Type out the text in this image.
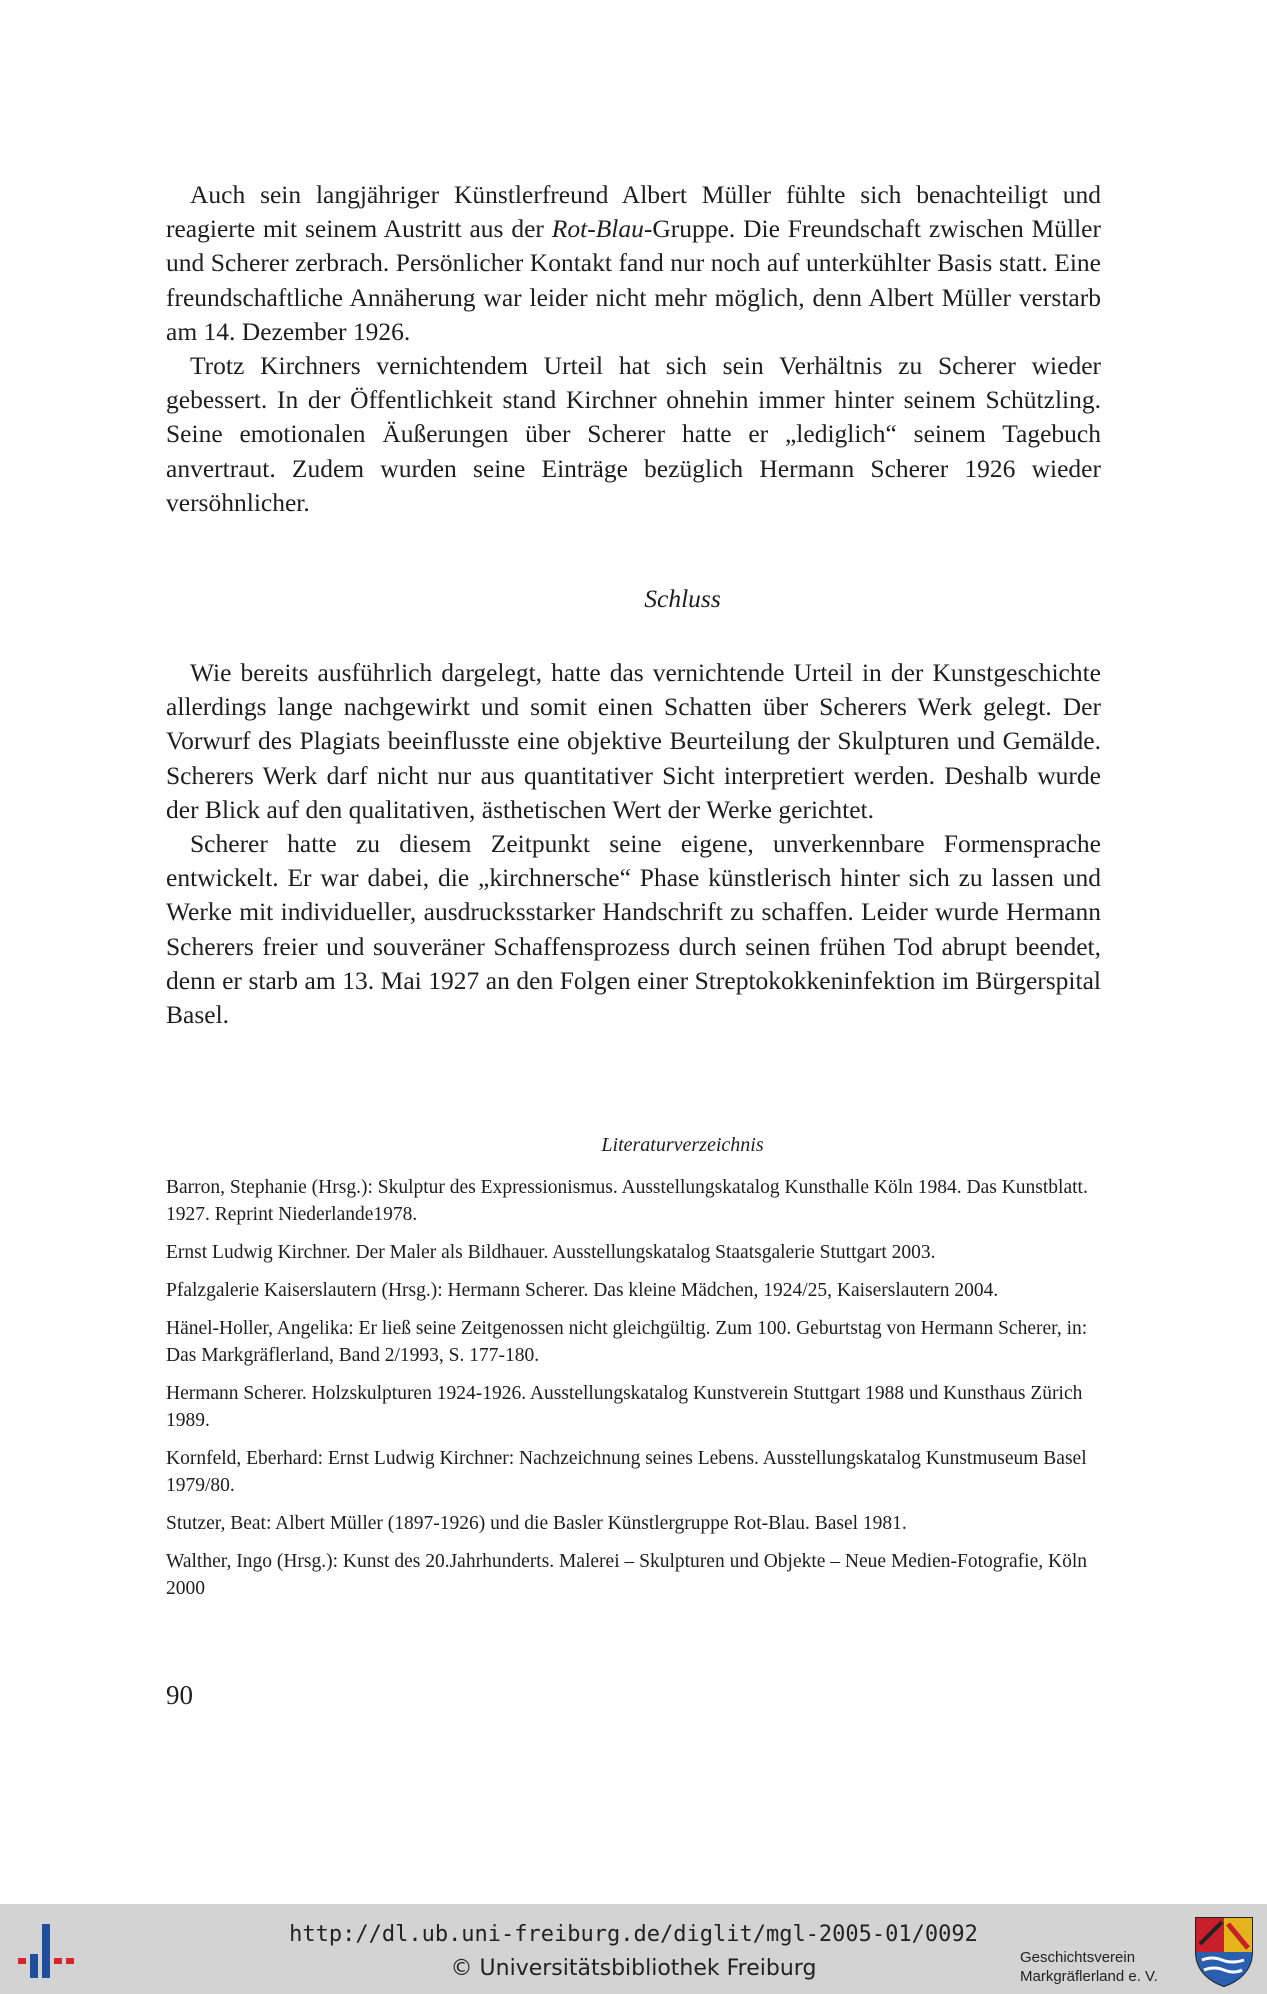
Auch sein langjähriger Künstlerfreund Albert Müller fühlte sich benachteiligt und reagierte mit seinem Austritt aus der Rot-Blau-Gruppe. Die Freundschaft zwischen Müller und Scherer zerbrach. Persönlicher Kontakt fand nur noch auf unterkühlter Basis statt. Eine freundschaftliche Annäherung war leider nicht mehr möglich, denn Albert Müller verstarb am 14. Dezember 1926.

Trotz Kirchners vernichtendem Urteil hat sich sein Verhältnis zu Scherer wieder gebessert. In der Öffentlichkeit stand Kirchner ohnehin immer hinter seinem Schützling. Seine emotionalen Äußerungen über Scherer hatte er „lediglich“ seinem Tagebuch anvertraut. Zudem wurden seine Einträge bezüglich Hermann Scherer 1926 wieder versöhnlicher.

Schluss

Wie bereits ausführlich dargelegt, hatte das vernichtende Urteil in der Kunstgeschichte allerdings lange nachgewirkt und somit einen Schatten über Scherers Werk gelegt. Der Vorwurf des Plagiats beeinflusste eine objektive Beurteilung der Skulpturen und Gemälde. Scherers Werk darf nicht nur aus quantitativer Sicht interpretiert werden. Deshalb wurde der Blick auf den qualitativen, ästhetischen Wert der Werke gerichtet.

Scherer hatte zu diesem Zeitpunkt seine eigene, unverkennbare Formensprache entwickelt. Er war dabei, die „kirchnersche“ Phase künstlerisch hinter sich zu lassen und Werke mit individueller, ausdrucksstarker Handschrift zu schaffen. Leider wurde Hermann Scherers freier und souveräner Schaffensprozess durch seinen frühen Tod abrupt beendet, denn er starb am 13. Mai 1927 an den Folgen einer Streptokokkeninfektion im Bürgerspital Basel.

Literaturverzeichnis
Barron, Stephanie (Hrsg.): Skulptur des Expressionismus. Ausstellungskatalog Kunsthalle Köln 1984. Das Kunstblatt. 1927. Reprint Niederlande1978.
Ernst Ludwig Kirchner. Der Maler als Bildhauer. Ausstellungskatalog Staatsgalerie Stuttgart 2003.
Pfalzgalerie Kaiserslautern (Hrsg.): Hermann Scherer. Das kleine Mädchen, 1924/25, Kaiserslautern 2004.
Hänel-Holler, Angelika: Er ließ seine Zeitgenossen nicht gleichgültig. Zum 100. Geburtstag von Hermann Scherer, in: Das Markgräflerland, Band 2/1993, S. 177-180.
Hermann Scherer. Holzskulpturen 1924-1926. Ausstellungskatalog Kunstverein Stuttgart 1988 und Kunsthaus Zürich 1989.
Kornfeld, Eberhard: Ernst Ludwig Kirchner: Nachzeichnung seines Lebens. Ausstellungskatalog Kunstmuseum Basel 1979/80.
Stutzer, Beat: Albert Müller (1897-1926) und die Basler Künstlergruppe Rot-Blau. Basel 1981.
Walther, Ingo (Hrsg.): Kunst des 20.Jahrhunderts. Malerei – Skulpturen und Objekte – Neue Medien-Fotografie, Köln 2000
90
http://dl.ub.uni-freiburg.de/diglit/mgl-2005-01/0092
© Universitätsbibliothek Freiburg	Geschichtsverein
Markgräflerland e. V.
